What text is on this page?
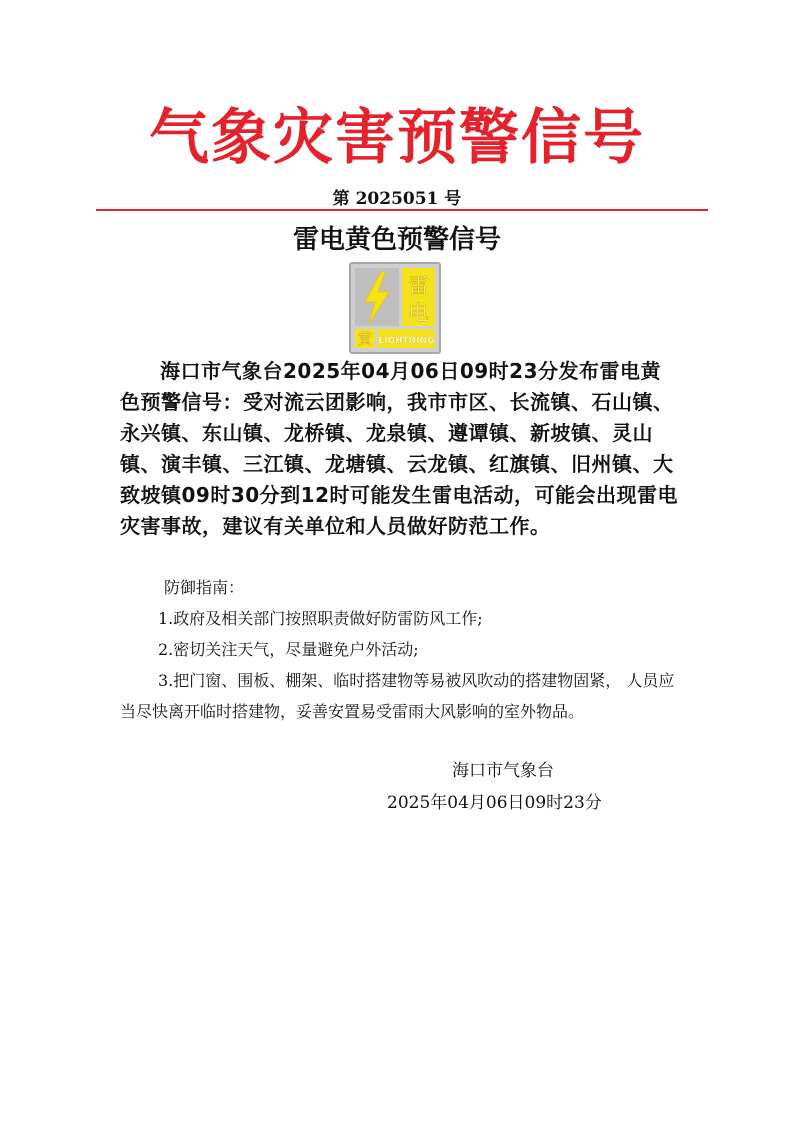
气象灾害预警信号
第 2025051 号
雷电黄色预警信号
雷
电
黄 LIGHTNING

海口市气象台2025年04月06日09时23分发布雷电黄色预警信号：受对流云团影响，我市市区、长流镇、石山镇、永兴镇、东山镇、龙桥镇、龙泉镇、遵谭镇、新坡镇、灵山镇、演丰镇、三江镇、龙塘镇、云龙镇、红旗镇、旧州镇、大致坡镇09时30分到12时可能发生雷电活动，可能会出现雷电灾害事故，建议有关单位和人员做好防范工作。

防御指南：

1.政府及相关部门按照职责做好防雷防风工作;

2.密切关注天气，尽量避免户外活动;

3.把门窗、围板、棚架、临时搭建物等易被风吹动的搭建物固紧， 人员应当尽快离开临时搭建物，妥善安置易受雷雨大风影响的室外物品。

海口市气象台
2025年04月06日09时23分
